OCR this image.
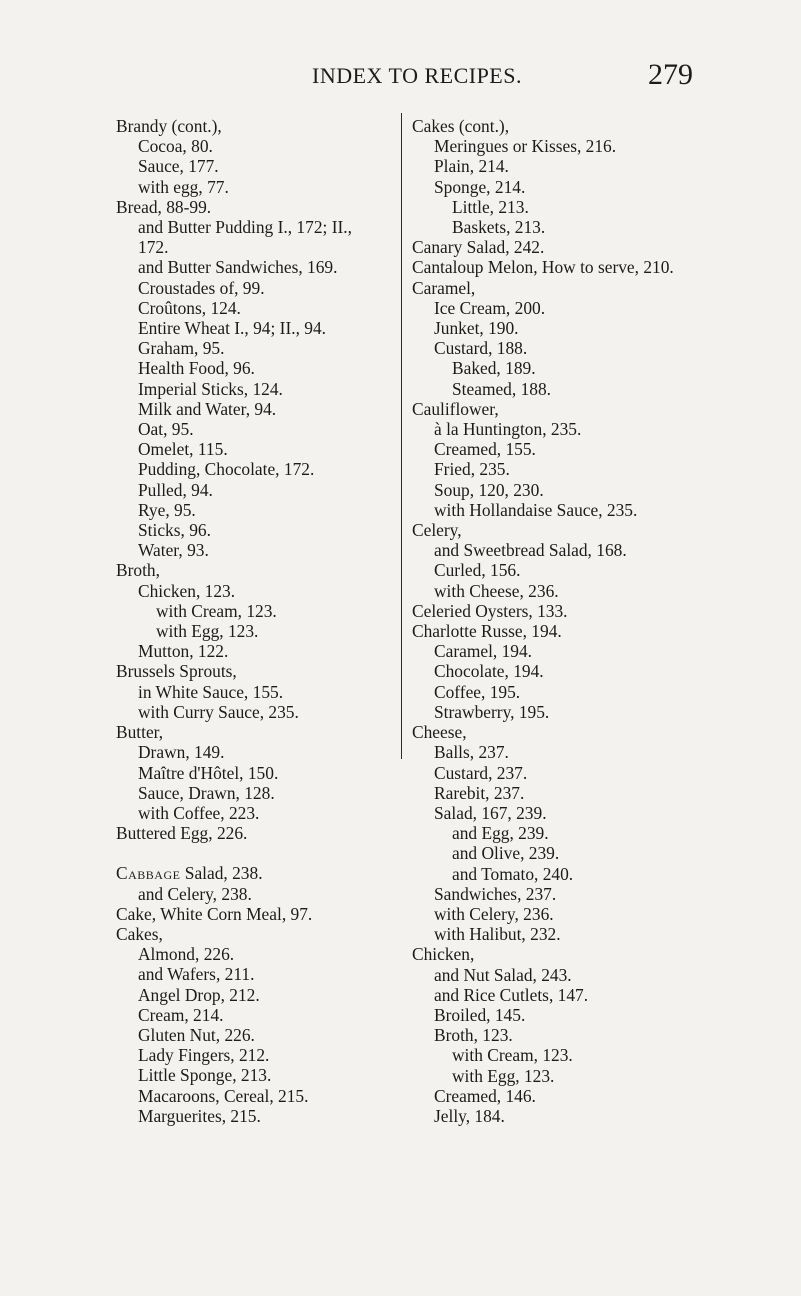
INDEX TO RECIPES.	279
Brandy (cont.),
Cocoa, 80.
Sauce, 177.
with egg, 77.
Bread, 88-99.
and Butter Pudding I., 172; II.,
172.
and Butter Sandwiches, 169.
Croustades of, 99.
Croûtons, 124.
Entire Wheat I., 94; II., 94.
Graham, 95.
Health Food, 96.
Imperial Sticks, 124.
Milk and Water, 94.
Oat, 95.
Omelet, 115.
Pudding, Chocolate, 172.
Pulled, 94.
Rye, 95.
Sticks, 96.
Water, 93.
Broth,
Chicken, 123.
with Cream, 123.
with Egg, 123.
Mutton, 122.
Brussels Sprouts,
in White Sauce, 155.
with Curry Sauce, 235.
Butter,
Drawn, 149.
Maître d'Hôtel, 150.
Sauce, Drawn, 128.
with Coffee, 223.
Buttered Egg, 226.
Cabbage Salad, 238.
and Celery, 238.
Cake, White Corn Meal, 97.
Cakes,
Almond, 226.
and Wafers, 211.
Angel Drop, 212.
Cream, 214.
Gluten Nut, 226.
Lady Fingers, 212.
Little Sponge, 213.
Macaroons, Cereal, 215.
Marguerites, 215.
Cakes (cont.),
Meringues or Kisses, 216.
Plain, 214.
Sponge, 214.
Little, 213.
Baskets, 213.
Canary Salad, 242.
Cantaloup Melon, How to serve, 210.
Caramel,
Ice Cream, 200.
Junket, 190.
Custard, 188.
Baked, 189.
Steamed, 188.
Cauliflower,
à la Huntington, 235.
Creamed, 155.
Fried, 235.
Soup, 120, 230.
with Hollandaise Sauce, 235.
Celery,
and Sweetbread Salad, 168.
Curled, 156.
with Cheese, 236.
Celeried Oysters, 133.
Charlotte Russe, 194.
Caramel, 194.
Chocolate, 194.
Coffee, 195.
Strawberry, 195.
Cheese,
Balls, 237.
Custard, 237.
Rarebit, 237.
Salad, 167, 239.
and Egg, 239.
and Olive, 239.
and Tomato, 240.
Sandwiches, 237.
with Celery, 236.
with Halibut, 232.
Chicken,
and Nut Salad, 243.
and Rice Cutlets, 147.
Broiled, 145.
Broth, 123.
with Cream, 123.
with Egg, 123.
Creamed, 146.
Jelly, 184.
